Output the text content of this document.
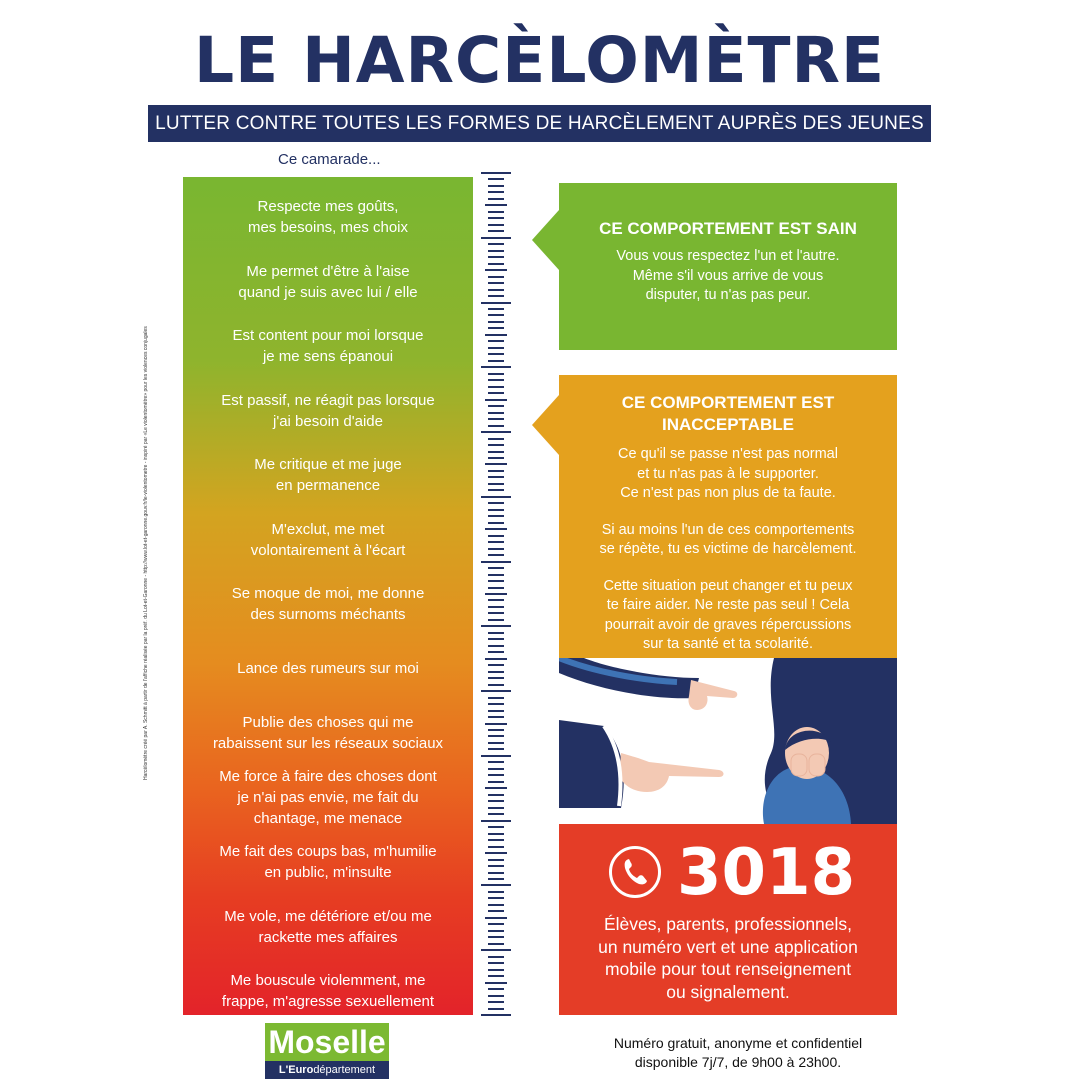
LE HARCÈLOMÈTRE
LUTTER CONTRE TOUTES LES FORMES DE HARCÈLEMENT AUPRÈS DES JEUNES
Ce camarade...
Harcèlomètre créé par A. Schmitt à partir de l'affiche réalisée par la préf. du Lot-et-Garonne - http://www.lot-et-garonne.gouv.fr/le-violentometre - inspiré par «Le violentomètre» pour les violences conjugales
Respecte mes goûts,
mes besoins, mes choix
Me permet d'être à l'aise
quand je suis avec lui / elle
Est content pour moi lorsque
je me sens épanoui
Est passif, ne réagit pas lorsque
j'ai besoin d'aide
Me critique et me juge
en permanence
M'exclut, me met
volontairement à l'écart
Se moque de moi, me donne
des surnoms méchants
Lance des rumeurs sur moi
Publie des choses qui me
rabaissent sur les réseaux sociaux
Me force à faire des choses dont
je n'ai pas envie, me fait du
chantage, me menace
Me fait des coups bas, m'humilie
en public, m'insulte
Me vole, me détériore et/ou me
rackette mes affaires
Me bouscule violemment, me
frappe, m'agresse sexuellement
CE COMPORTEMENT EST SAIN
Vous vous respectez l'un et l'autre.
Même s'il vous arrive de vous
disputer, tu n'as pas peur.
CE COMPORTEMENT EST
INACCEPTABLE
Ce qu'il se passe n'est pas normal
et tu n'as pas à le supporter.
Ce n'est pas non plus de ta faute.
Si au moins l'un de ces comportements
se répète, tu es victime de harcèlement.
Cette situation peut changer et tu peux
te faire aider. Ne reste pas seul ! Cela
pourrait avoir de graves répercussions
sur ta santé et ta scolarité.
3018
Élèves, parents, professionnels,
un numéro vert et une application
mobile pour tout renseignement
ou signalement.
Moselle
L'Eurodépartement
Numéro gratuit, anonyme et confidentiel
disponible 7j/7, de 9h00 à 23h00.
